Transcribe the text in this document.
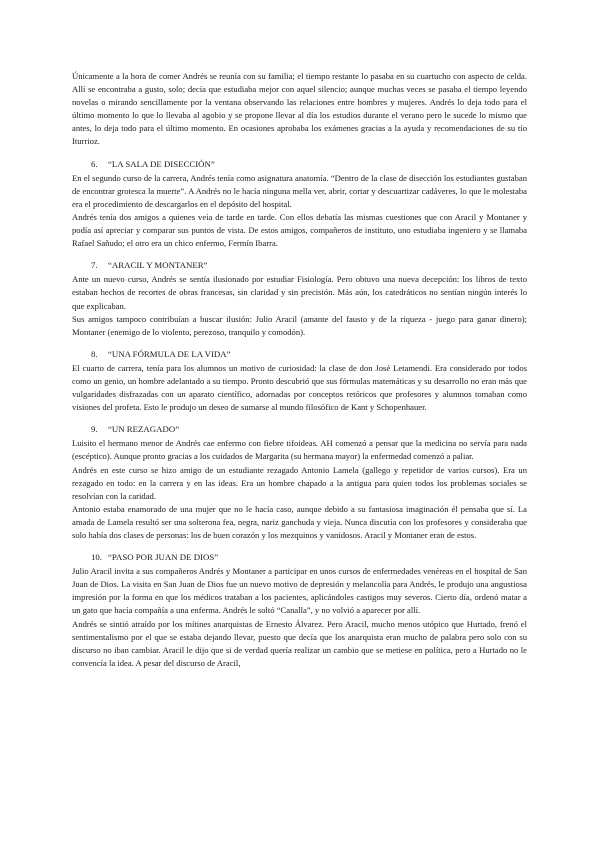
Únicamente a la hora de comer Andrés se reunía con su familia; el tiempo restante lo pasaba en su cuartucho con aspecto de celda. Allí se encontraba a gusto, solo; decía que estudiaba mejor con aquel silencio; aunque muchas veces se pasaba el tiempo leyendo novelas o mirando sencillamente por la ventana observando las relaciones entre hombres y mujeres. Andrés lo deja todo para el último momento lo que lo llevaba al agobio y se propone llevar al día los estudios durante el verano pero le sucede lo mismo que antes, lo deja todo para el último momento. En ocasiones aprobaba los exámenes gracias a la ayuda y recomendaciones de su tío Iturrioz.

6. “LA SALA DE DISECCIÓN”

En el segundo curso de la carrera, Andrés tenía como asignatura anatomía. “Dentro de la clase de disección los estudiantes gustaban de encontrar grotesca la muerte”. A Andrés no le hacía ninguna mella ver, abrir, cortar y descuartizar cadáveres, lo que le molestaba era el procedimiento de descargarlos en el depósito del hospital.

Andrés tenía dos amigos a quienes veía de tarde en tarde. Con ellos debatía las mismas cuestiones que con Aracil y Montaner y podía así apreciar y comparar sus puntos de vista. De estos amigos, compañeros de instituto, uno estudiaba ingeniero y se llamaba Rafael Sañudo; el otro era un chico enfermo, Fermín Ibarra.

7. “ARACIL Y MONTANER”

Ante un nuevo curso, Andrés se sentía ilusionado por estudiar Fisiología. Pero obtuvo una nueva decepción: los libros de texto estaban hechos de recortes de obras francesas, sin claridad y sin precisión. Más aún, los catedráticos no sentían ningún interés lo que explicaban.

Sus amigos tampoco contribuían a buscar ilusión: Julio Aracil (amante del fausto y de la riqueza - juego para ganar dinero); Montaner (enemigo de lo violento, perezoso, tranquilo y comodón).

8. “UNA FÓRMULA DE LA VIDA”

El cuarto de carrera, tenía para los alumnos un motivo de curiosidad: la clase de don José Letamendi. Era considerado por todos como un genio, un hombre adelantado a su tiempo. Pronto descubrió que sus fórmulas matemáticas y su desarrollo no eran más que vulgaridades disfrazadas con un aparato científico, adornadas por conceptos retóricos que profesores y alumnos tomaban como visiones del profeta. Esto le produjo un deseo de sumarse al mundo filosófico de Kant y Schopenhauer.

9. “UN REZAGADO”

Luisito el hermano menor de Andrés cae enfermo con fiebre tifoideas. AH comenzó a pensar que la medicina no servía para nada (escéptico). Aunque pronto gracias a los cuidados de Margarita (su hermana mayor) la enfermedad comenzó a paliar.

Andrés en este curso se hizo amigo de un estudiante rezagado Antonio Lamela (gallego y repetidor de varios cursos). Era un rezagado en todo: en la carrera y en las ideas. Era un hombre chapado a la antigua para quien todos los problemas sociales se resolvían con la caridad.

Antonio estaba enamorado de una mujer que no le hacía caso, aunque debido a su fantasiosa imaginación él pensaba que sí. La amada de Lamela resultó ser una solterona fea, negra, nariz ganchuda y vieja. Nunca discutía con los profesores y consideraba que solo había dos clases de personas: los de buen corazón y los mezquinos y vanidosos. Aracil y Montaner eran de estos.

10. “PASO POR JUAN DE DIOS”

Julio Aracil invita a sus compañeros Andrés y Montaner a participar en unos cursos de enfermedades venéreas en el hospital de San Juan de Dios. La visita en San Juan de Dios fue un nuevo motivo de depresión y melancolía para Andrés, le produjo una angustiosa impresión por la forma en que los médicos trataban a los pacientes, aplicándoles castigos muy severos. Cierto día, ordenó matar a un gato que hacía compañía a una enferma. Andrés le soltó “Canalla”, y no volvió a aparecer por allí.

Andrés se sintió atraído por los mítines anarquistas de Ernesto Álvarez. Pero Aracil, mucho menos utópico que Hurtado, frenó el sentimentalismo por el que se estaba dejando llevar, puesto que decía que los anarquista eran mucho de palabra pero solo con su discurso no iban cambiar. Aracil le dijo que si de verdad quería realizar un cambio que se metiese en política, pero a Hurtado no le convencía la idea. A pesar del discurso de Aracil,
